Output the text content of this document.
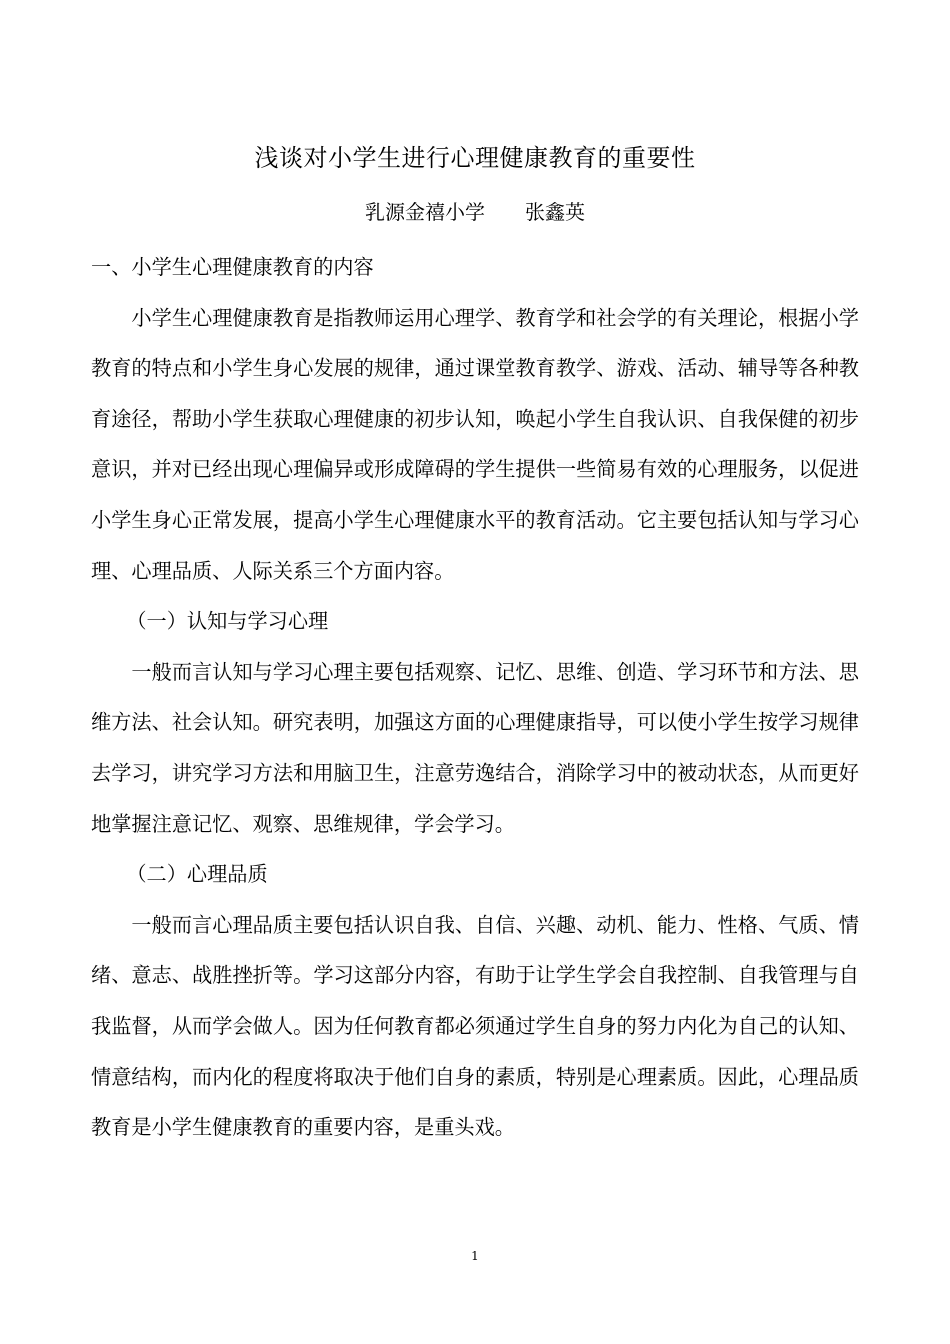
浅谈对小学生进行心理健康教育的重要性
乳源金禧小学　　张鑫英

一、小学生心理健康教育的内容

小学生心理健康教育是指教师运用心理学、教育学和社会学的有关理论，根据小学教育的特点和小学生身心发展的规律，通过课堂教育教学、游戏、活动、辅导等各种教育途径，帮助小学生获取心理健康的初步认知，唤起小学生自我认识、自我保健的初步意识，并对已经出现心理偏异或形成障碍的学生提供一些简易有效的心理服务，以促进小学生身心正常发展，提高小学生心理健康水平的教育活动。它主要包括认知与学习心理、心理品质、人际关系三个方面内容。

（一）认知与学习心理

一般而言认知与学习心理主要包括观察、记忆、思维、创造、学习环节和方法、思维方法、社会认知。研究表明，加强这方面的心理健康指导，可以使小学生按学习规律去学习，讲究学习方法和用脑卫生，注意劳逸结合，消除学习中的被动状态，从而更好地掌握注意记忆、观察、思维规律，学会学习。

（二）心理品质

一般而言心理品质主要包括认识自我、自信、兴趣、动机、能力、性格、气质、情绪、意志、战胜挫折等。学习这部分内容，有助于让学生学会自我控制、自我管理与自我监督，从而学会做人。因为任何教育都必须通过学生自身的努力内化为自己的认知、情意结构，而内化的程度将取决于他们自身的素质，特别是心理素质。因此，心理品质教育是小学生健康教育的重要内容，是重头戏。

1
